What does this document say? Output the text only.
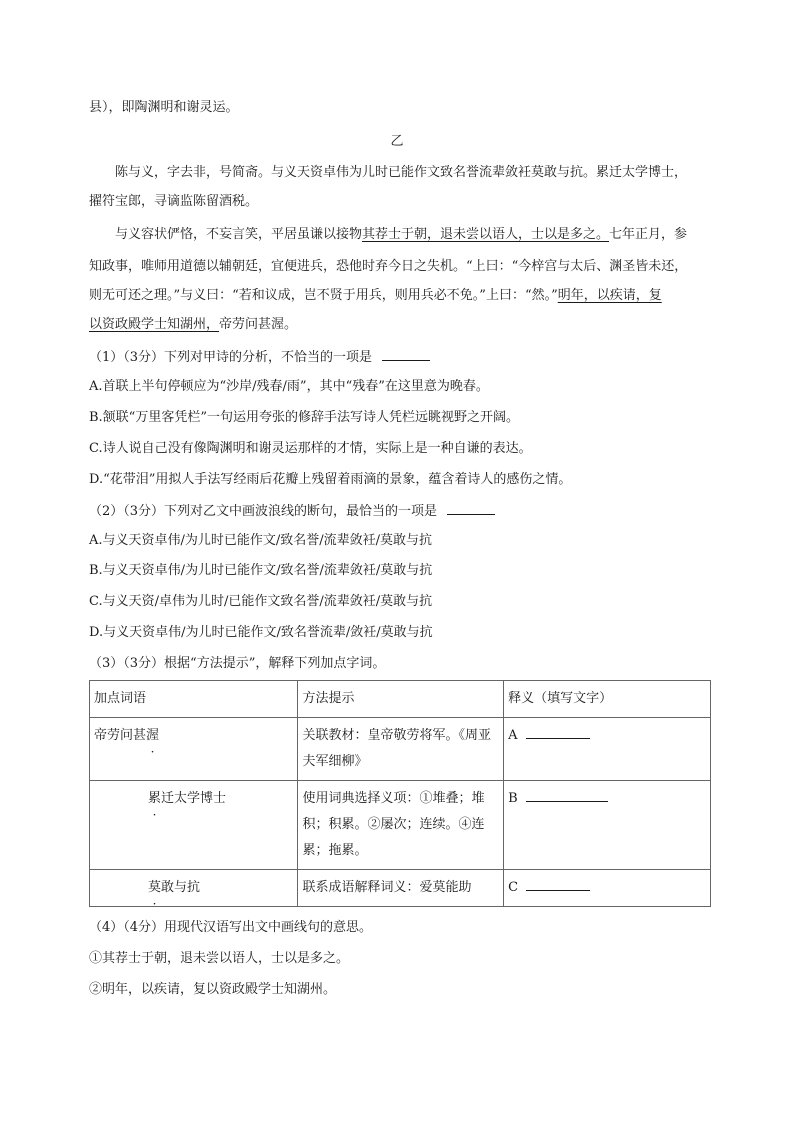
县），即陶渊明和谢灵运。
乙
陈与义，字去非，号简斋。与义天资卓伟为儿时已能作文致名誉流辈敛衽莫敢与抗。累迁太学博士，
擢符宝郎，寻谪监陈留酒税。
与义容状俨恪，不妄言笑，平居虽谦以接物其荐士于朝，退未尝以语人，士以是多之。七年正月，参
知政事，唯师用道德以辅朝廷，宜便进兵，恐他时弃今日之失机。“上曰：“今梓宫与太后、渊圣皆未还，
则无可还之理。”与义曰：“若和议成，岂不贤于用兵，则用兵必不免。”上曰：“然。”明年，以疾请，复
以资政殿学士知湖州，帝劳问甚渥。
（1）（3分）下列对甲诗的分析，不恰当的一项是
A.首联上半句停顿应为“沙岸/残春/雨”，其中“残春”在这里意为晚春。
B.颔联“万里客凭栏”一句运用夸张的修辞手法写诗人凭栏远眺视野之开阔。
C.诗人说自己没有像陶渊明和谢灵运那样的才情，实际上是一种自谦的表达。
D.“花带泪”用拟人手法写经雨后花瓣上残留着雨滴的景象，蕴含着诗人的感伤之情。
（2）（3分）下列对乙文中画波浪线的断句，最恰当的一项是
B.与义天资卓伟/为儿时已能作文/致名誉/流辈敛衽/莫敢与抗
A.与义天资卓伟/为儿时已能作文/致名誉/流辈敛衽/莫敢与抗
C.与义天资/卓伟为儿时/已能作文致名誉/流辈敛衽/莫敢与抗
D.与义天资卓伟/为儿时已能作文/致名誉流辈/敛衽/莫敢与抗
（3）（3分）根据“方法提示”，解释下列加点字词。
加点词语	方法提示	释义（填写文字）
帝劳问甚渥	关联教材：皇帝敬劳将军。《周亚夫军细柳》	A
累迁太学博士	使用词典选择义项：①堆叠；堆积；积累。②屡次；连续。④连累；拖累。	B
莫敢与抗	联系成语解释词义：爱莫能助	C
（4）（4分）用现代汉语写出文中画线句的意思。
①其荐士于朝，退未尝以语人，士以是多之。
②明年，以疾请，复以资政殿学士知湖州。
